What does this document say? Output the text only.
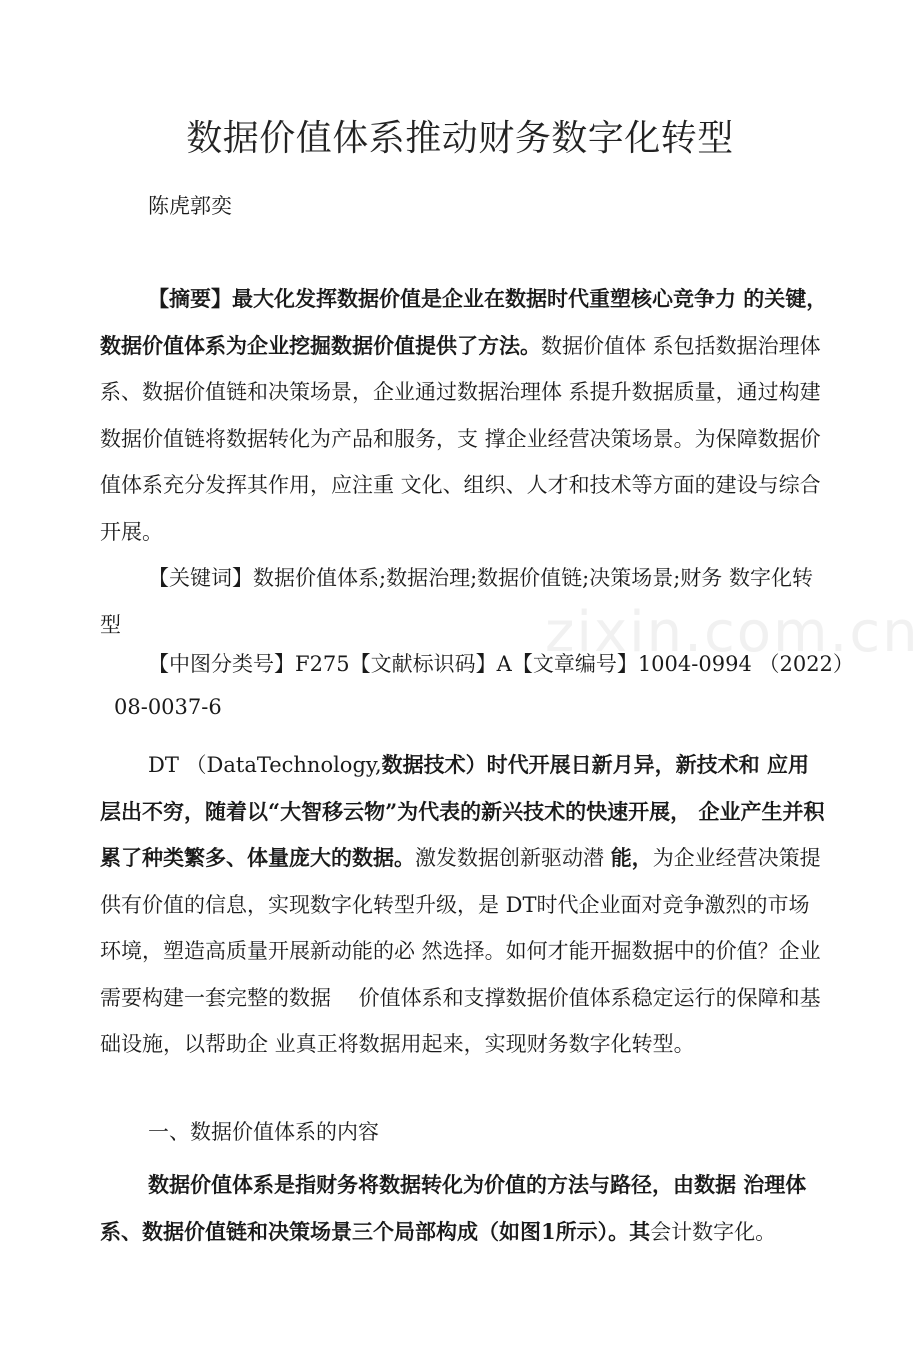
zixin.com.cn
数据价值体系推动财务数字化转型
陈虎郭奕

【摘要】最大化发挥数据价值是企业在数据时代重塑核心竞争力 的关键，数据价值体系为企业挖掘数据价值提供了方法。数据价值体 系包括数据治理体系、数据价值链和决策场景，企业通过数据治理体 系提升数据质量，通过构建数据价值链将数据转化为产品和服务，支 撑企业经营决策场景。为保障数据价值体系充分发挥其作用，应注重 文化、组织、人才和技术等方面的建设与综合开展。

【关键词】数据价值体系;数据治理;数据价值链;决策场景;财务 数字化转型

【中图分类号】F275【文献标识码】A【文章编号】1004-0994 （2022）
08-0037-6

DT （DataTechnology,数据技术）时代开展日新月异，新技术和 应用层出不穷，随着以“大智移云物”为代表的新兴技术的快速开展， 企业产生并积累了种类繁多、体量庞大的数据。激发数据创新驱动潜 能，为企业经营决策提供有价值的信息，实现数字化转型升级，是 DT时代企业面对竞争激烈的市场环境，塑造高质量开展新动能的必 然选择。如何才能开掘数据中的价值？企业需要构建一套完整的数据　 价值体系和支撑数据价值体系稳定运行的保障和基础设施，以帮助企 业真正将数据用起来，实现财务数字化转型。

一、数据价值体系的内容

数据价值体系是指财务将数据转化为价值的方法与路径，由数据 治理体系、数据价值链和决策场景三个局部构成（如图1所示）。其会计数字化。
